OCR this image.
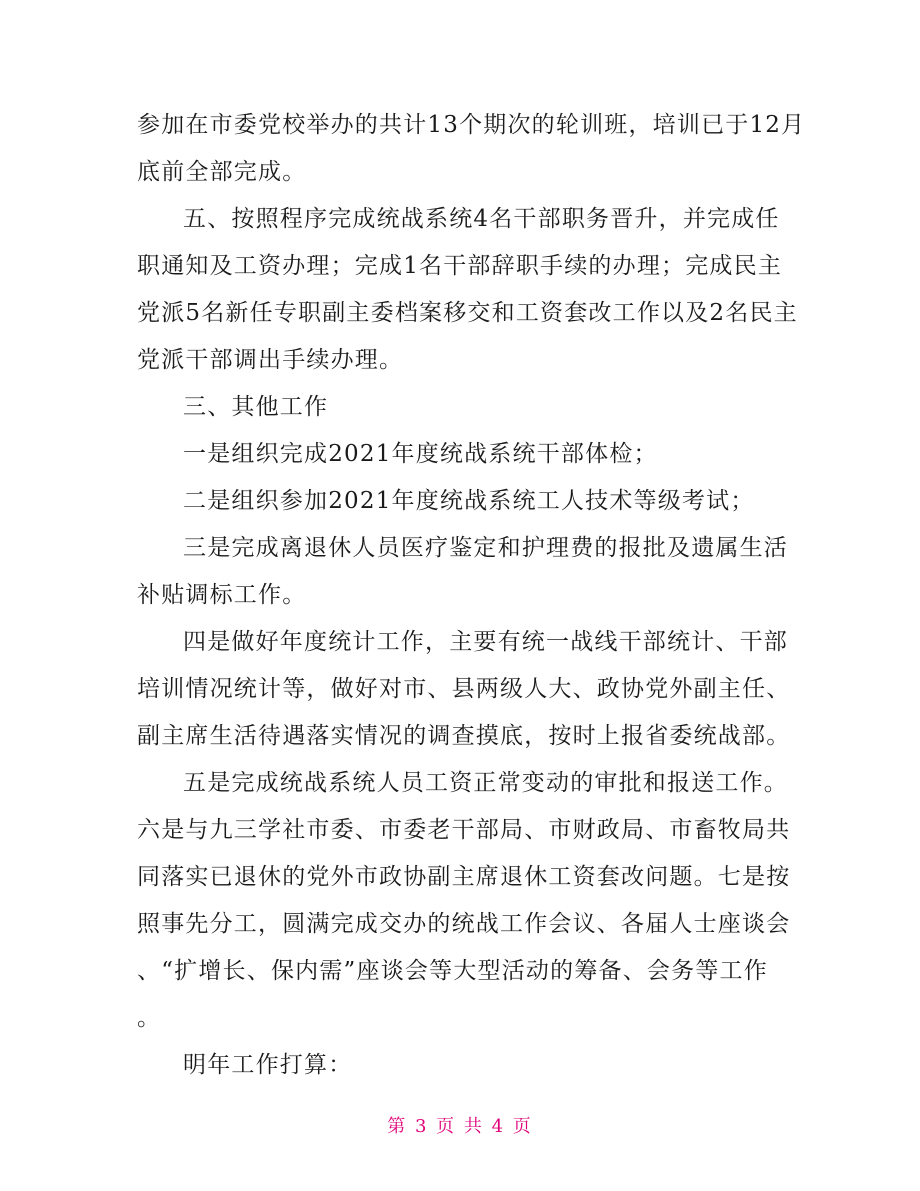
参加在市委党校举办的共计13个期次的轮训班，培训已于12月
底前全部完成。
五、按照程序完成统战系统4名干部职务晋升，并完成任
职通知及工资办理；完成1名干部辞职手续的办理；完成民主
党派5名新任专职副主委档案移交和工资套改工作以及2名民主
党派干部调出手续办理。
三、其他工作
一是组织完成2021年度统战系统干部体检；
二是组织参加2021年度统战系统工人技术等级考试；
三是完成离退休人员医疗鉴定和护理费的报批及遗属生活
补贴调标工作。
四是做好年度统计工作，主要有统一战线干部统计、干部
培训情况统计等，做好对市、县两级人大、政协党外副主任、
副主席生活待遇落实情况的调查摸底，按时上报省委统战部。
五是完成统战系统人员工资正常变动的审批和报送工作。
六是与九三学社市委、市委老干部局、市财政局、市畜牧局共
同落实已退休的党外市政协副主席退休工资套改问题。七是按
照事先分工，圆满完成交办的统战工作会议、各届人士座谈会
、“扩增长、保内需”座谈会等大型活动的筹备、会务等工作
。
明年工作打算：
第 3 页 共 4 页
